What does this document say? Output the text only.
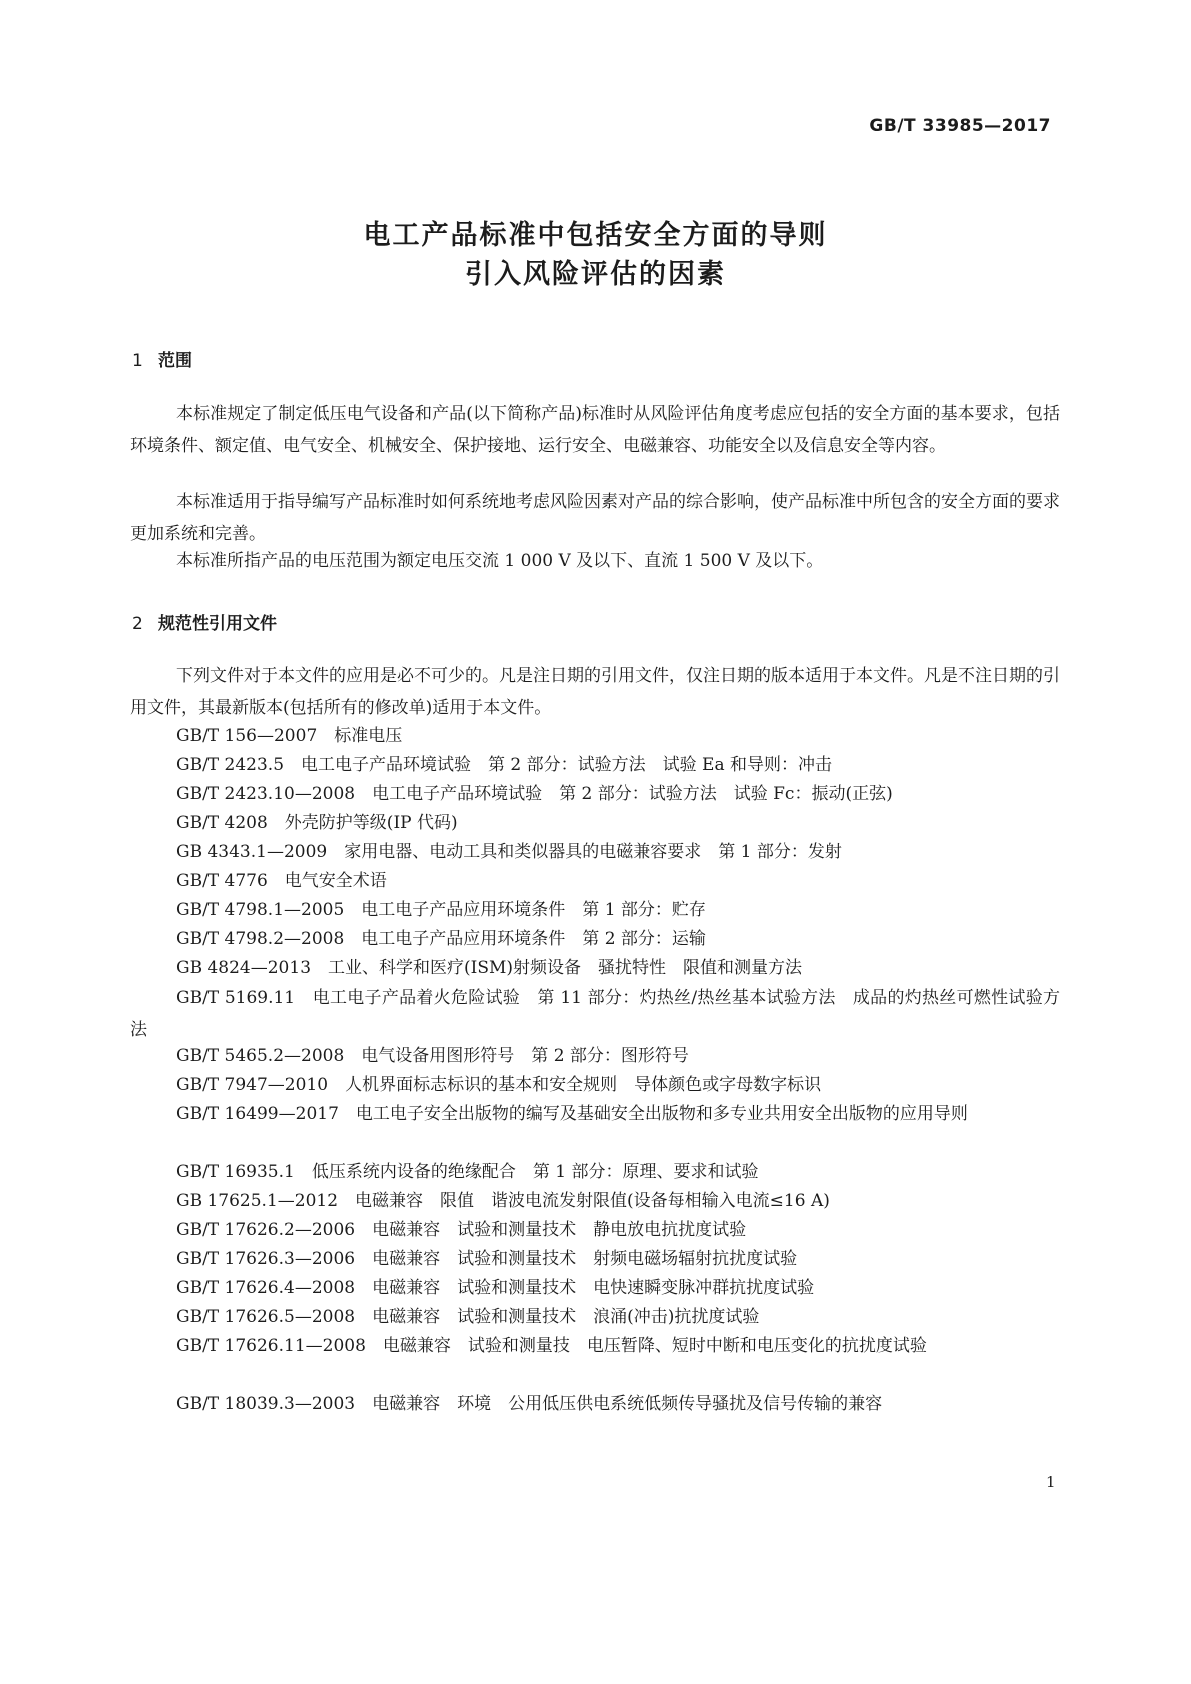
GB/T 33985—2017
电工产品标准中包括安全方面的导则
引入风险评估的因素
1 范围
本标准规定了制定低压电气设备和产品(以下简称产品)标准时从风险评估角度考虑应包括的安全方面的基本要求，包括环境条件、额定值、电气安全、机械安全、保护接地、运行安全、电磁兼容、功能安全以及信息安全等内容。
本标准适用于指导编写产品标准时如何系统地考虑风险因素对产品的综合影响，使产品标准中所包含的安全方面的要求更加系统和完善。
本标准所指产品的电压范围为额定电压交流 1 000 V 及以下、直流 1 500 V 及以下。
2 规范性引用文件
下列文件对于本文件的应用是必不可少的。凡是注日期的引用文件，仅注日期的版本适用于本文件。凡是不注日期的引用文件，其最新版本(包括所有的修改单)适用于本文件。
GB/T 156—2007　标准电压
GB/T 2423.5　电工电子产品环境试验　第 2 部分：试验方法　试验 Ea 和导则：冲击
GB/T 2423.10—2008　电工电子产品环境试验　第 2 部分：试验方法　试验 Fc：振动(正弦)
GB/T 4208　外壳防护等级(IP 代码)
GB 4343.1—2009　家用电器、电动工具和类似器具的电磁兼容要求　第 1 部分：发射
GB/T 4776　电气安全术语
GB/T 4798.1—2005　电工电子产品应用环境条件　第 1 部分：贮存
GB/T 4798.2—2008　电工电子产品应用环境条件　第 2 部分：运输
GB 4824—2013　工业、科学和医疗(ISM)射频设备　骚扰特性　限值和测量方法
GB/T 5169.11　电工电子产品着火危险试验　第 11 部分：灼热丝/热丝基本试验方法　成品的灼热丝可燃性试验方法
GB/T 5465.2—2008　电气设备用图形符号　第 2 部分：图形符号
GB/T 7947—2010　人机界面标志标识的基本和安全规则　导体颜色或字母数字标识
GB/T 16499—2017　电工电子安全出版物的编写及基础安全出版物和多专业共用安全出版物的应用导则
GB/T 16935.1　低压系统内设备的绝缘配合　第 1 部分：原理、要求和试验
GB 17625.1—2012　电磁兼容　限值　谐波电流发射限值(设备每相输入电流≤16 A)
GB/T 17626.2—2006　电磁兼容　试验和测量技术　静电放电抗扰度试验
GB/T 17626.3—2006　电磁兼容　试验和测量技术　射频电磁场辐射抗扰度试验
GB/T 17626.4—2008　电磁兼容　试验和测量技术　电快速瞬变脉冲群抗扰度试验
GB/T 17626.5—2008　电磁兼容　试验和测量技术　浪涌(冲击)抗扰度试验
GB/T 17626.11—2008　电磁兼容　试验和测量技　电压暂降、短时中断和电压变化的抗扰度试验
GB/T 18039.3—2003　电磁兼容　环境　公用低压供电系统低频传导骚扰及信号传输的兼容
1
